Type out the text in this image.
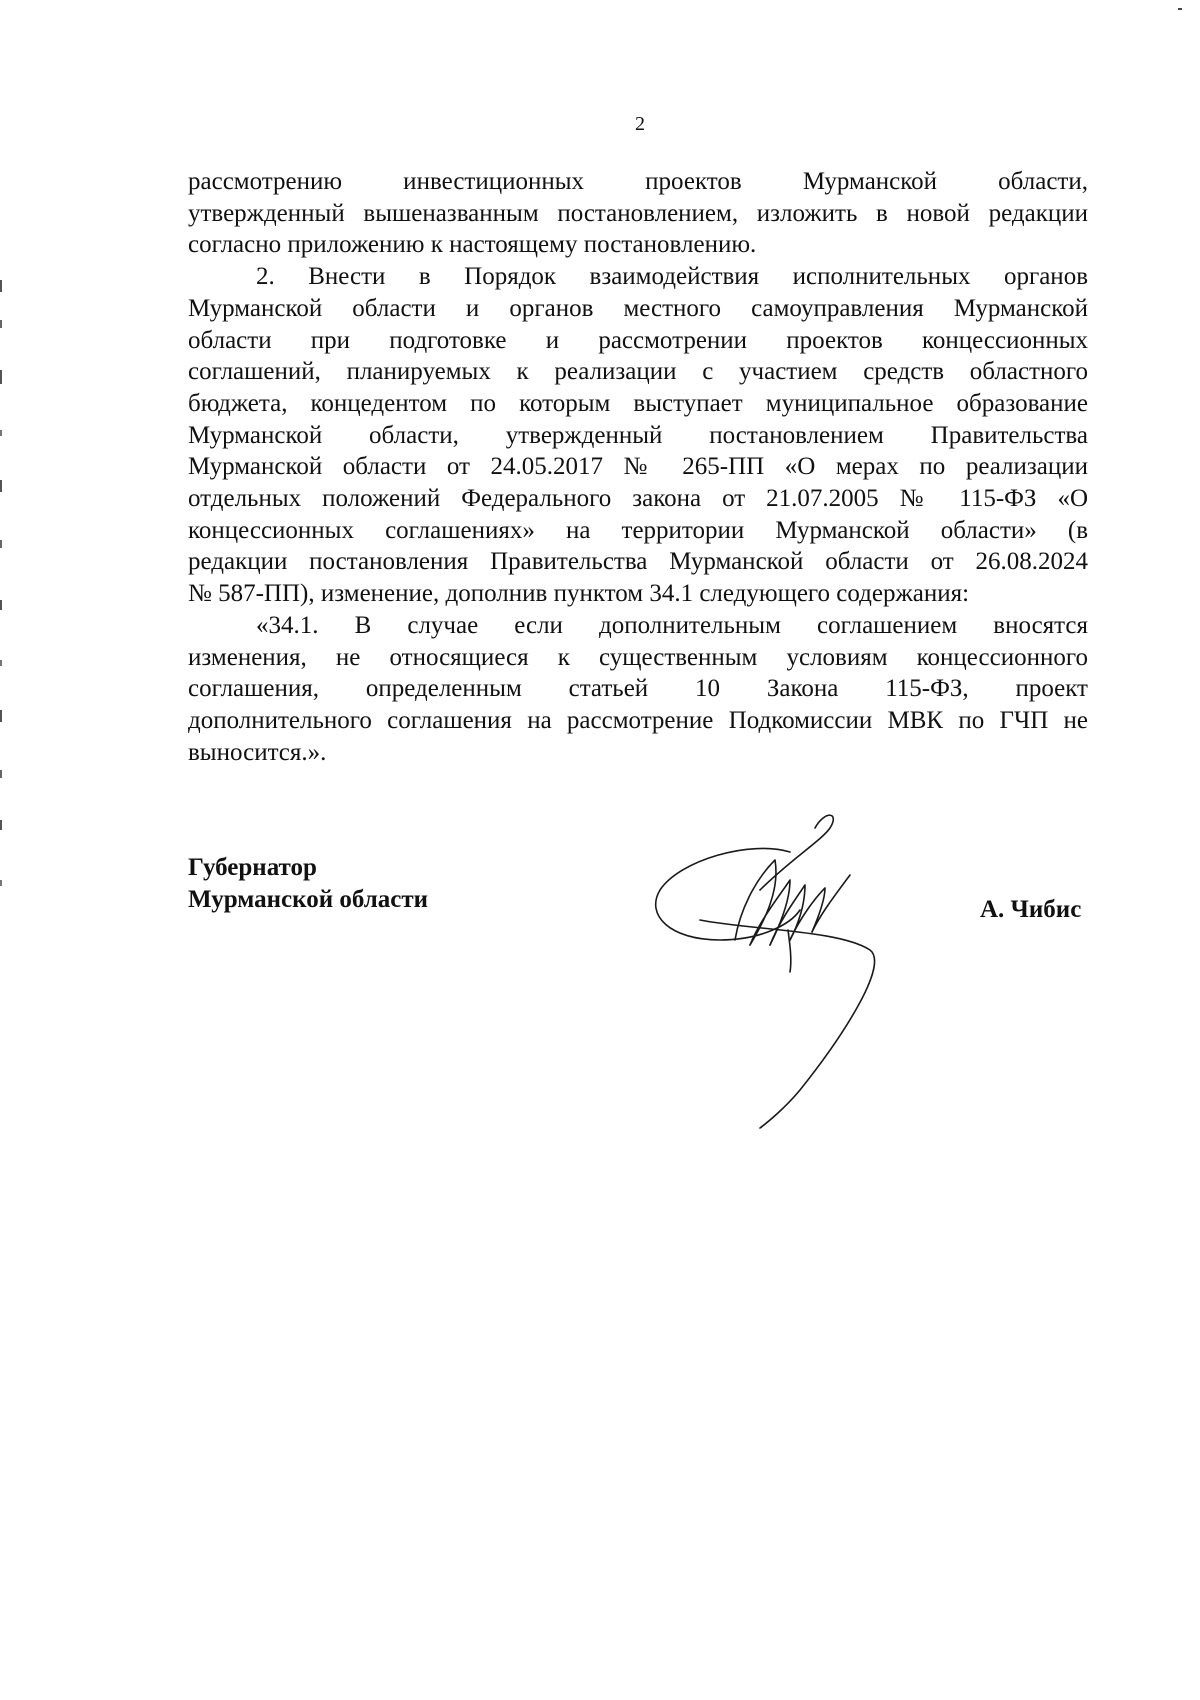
2
рассмотрению инвестиционных проектов Мурманской области,
утвержденный вышеназванным постановлением, изложить в новой редакции
согласно приложению к настоящему постановлению.
2. Внести в Порядок взаимодействия исполнительных органов
Мурманской области и органов местного самоуправления Мурманской
области при подготовке и рассмотрении проектов концессионных
соглашений, планируемых к реализации с участием средств областного
бюджета, концедентом по которым выступает муниципальное образование
Мурманской области, утвержденный постановлением Правительства
Мурманской области от 24.05.2017 № 265-ПП «О мерах по реализации
отдельных положений Федерального закона от 21.07.2005 № 115-ФЗ «О
концессионных соглашениях» на территории Мурманской области» (в
редакции постановления Правительства Мурманской области от 26.08.2024
№ 587-ПП), изменение, дополнив пунктом 34.1 следующего содержания:
«34.1. В случае если дополнительным соглашением вносятся
изменения, не относящиеся к существенным условиям концессионного
соглашения, определенным статьей 10 Закона 115-ФЗ, проект
дополнительного соглашения на рассмотрение Подкомиссии МВК по ГЧП не
выносится.».
Губернатор
Мурманской области	А. Чибис
